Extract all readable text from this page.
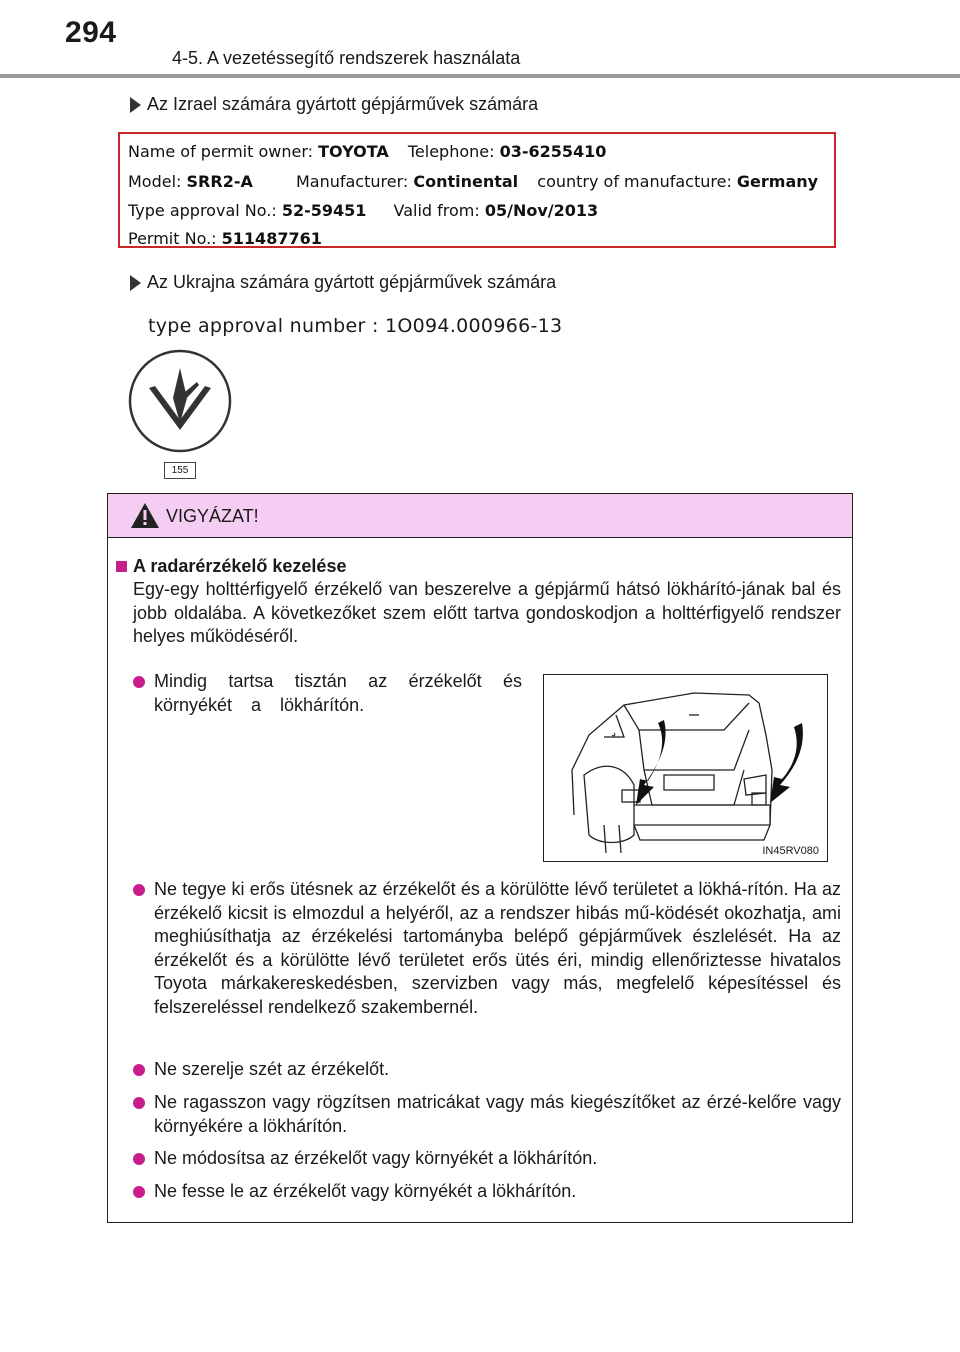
294
4-5. A vezetéssegítő rendszerek használata
Az Izrael számára gyártott gépjárművek számára
Name of permit owner: TOYOTA Telephone: 03-6255410
Model: SRR2-A	Manufacturer: Continental country of manufacture: Germany
Type approval No.: 52-59451 Valid from: 05/Nov/2013
Permit No.: 511487761
Az Ukrajna számára gyártott gépjárművek számára
type approval number : 1O094.000966-13
155
VIGYÁZAT!
A radarérzékelő kezelése
Egy-egy holttérfigyelő érzékelő van beszerelve a gépjármű hátsó lökhárító-jának bal és jobb oldalába. A következőket szem előtt tartva gondoskodjon a holttérfigyelő rendszer helyes működéséről.
Mindig tartsa tisztán az érzékelőt és környékét a lökhárítón.
Ne tegye ki erős ütésnek az érzékelőt és a körülötte lévő területet a lökhá-rítón. Ha az érzékelő kicsit is elmozdul a helyéről, az a rendszer hibás mű-ködését okozhatja, ami meghiúsíthatja az érzékelési tartományba belépő gépjárművek észlelését. Ha az érzékelőt és a körülötte lévő területet erős ütés éri, mindig ellenőriztesse hivatalos Toyota márkakereskedésben, szervizben vagy más, megfelelő képesítéssel és felszereléssel rendelkező szakembernél.
Ne szerelje szét az érzékelőt.
Ne ragasszon vagy rögzítsen matricákat vagy más kiegészítőket az érzé-kelőre vagy környékére a lökhárítón.
Ne módosítsa az érzékelőt vagy környékét a lökhárítón.
Ne fesse le az érzékelőt vagy környékét a lökhárítón.
IN45RV080
